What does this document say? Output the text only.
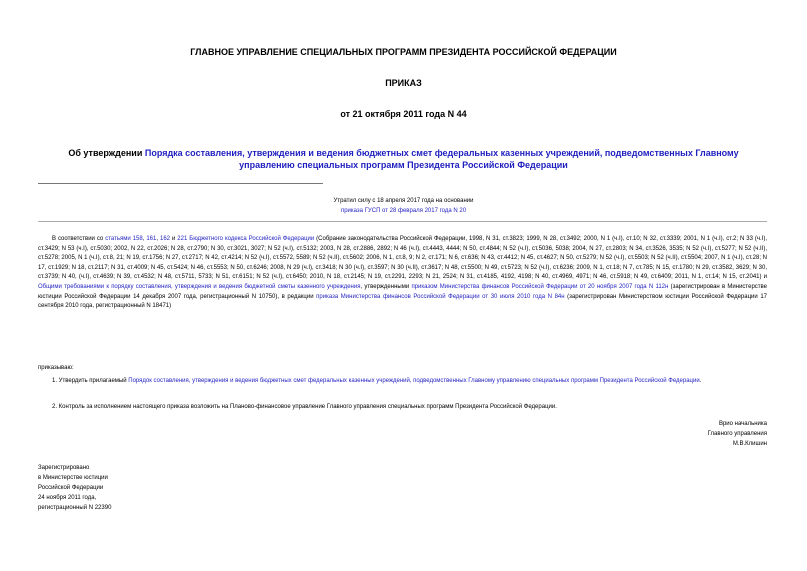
ГЛАВНОЕ УПРАВЛЕНИЕ СПЕЦИАЛЬНЫХ ПРОГРАММ ПРЕЗИДЕНТА РОССИЙСКОЙ ФЕДЕРАЦИИ
ПРИКАЗ
от 21 октября 2011 года N 44
Об утверждении Порядка составления, утверждения и ведения бюджетных смет федеральных казенных учреждений, подведомственных Главному управлению специальных программ Президента Российской Федерации
Утратил силу с 18 апреля 2017 года на основании
приказа ГУСП от 28 февраля 2017 года N 20
В соответствии со статьями 158, 161, 162 и 221 Бюджетного кодекса Российской Федерации (Собрание законодательства Российской Федерации, 1998, N 31, ст.3823; 1999, N 28, ст.3492; 2000, N 1 (ч.I), ст.10; N 32, ст.3339; 2001, N 1 (ч.I), ст.2; N 33 (ч.I), ст.3429; N 53 (ч.I), ст.5030; 2002, N 22, ст.2026; N 28, ст.2790; N 30, ст.3021, 3027; N 52 (ч.I), ст.5132; 2003, N 28, ст.2886, 2892; N 46 (ч.I), ст.4443, 4444; N 50, ст.4844; N 52 (ч.I), ст.5036, 5038; 2004, N 27, ст.2803; N 34, ст.3526, 3535; N 52 (ч.I), ст.5277; N 52 (ч.II), ст.5278; 2005, N 1 (ч.I), ст.8, 21; N 19, ст.1756; N 27, ст.2717; N 42, ст.4214; N 52 (ч.I), ст.5572, 5589; N 52 (ч.II), ст.5602; 2006, N 1, ст.8, 9; N 2, ст.171; N 6, ст.636; N 43, ст.4412; N 45, ст.4627; N 50, ст.5279; N 52 (ч.I), ст.5503; N 52 (ч.II), ст.5504; 2007, N 1 (ч.I), ст.28; N 17, ст.1929; N 18, ст.2117; N 31, ст.4009; N 45, ст.5424; N 46, ст.5553; N 50, ст.6246; 2008, N 29 (ч.I), ст.3418; N 30 (ч.I), ст.3597; N 30 (ч.II), ст.3617; N 48, ст.5500; N 49, ст.5723; N 52 (ч.I), ст.6236; 2009, N 1, ст.18; N 7, ст.785; N 15, ст.1780; N 29, ст.3582, 3629; N 30, ст.3739; N 40, (ч.I), ст.4639; N 39, ст.4532; N 48, ст.5711, 5733; N 51, ст.6151; N 52 (ч.I), ст.6450; 2010, N 18, ст.2145; N 19, ст.2291, 2293; N 21, 2524; N 31, ст.4185, 4192, 4198; N 40, ст.4969, 4971; N 46, ст.5918; N 49, ст.6409; 2011, N 1, ст.14; N 15, ст.2041) и Общими требованиями к порядку составления, утверждения и ведения бюджетной сметы казенного учреждения, утвержденными приказом Министерства финансов Российской Федерации от 20 ноября 2007 года N 112н (зарегистрирован в Министерстве юстиции Российской Федерации 14 декабря 2007 года, регистрационный N 10750), в редакции приказа Министерства финансов Российской Федерации от 30 июля 2010 года N 84н (зарегистрирован Министерством юстиции Российской Федерации 17 сентября 2010 года, регистрационный N 18471)
приказываю:
1. Утвердить прилагаемый Порядок составления, утверждения и ведения бюджетных смет федеральных казенных учреждений, подведомственных Главному управлению специальных программ Президента Российской Федерации.
2. Контроль за исполнением настоящего приказа возложить на Планово-финансовое управление Главного управления специальных программ Президента Российской Федерации.
Врио начальника
Главного управления
М.В.Клишин
Зарегистрировано
в Министерстве юстиции
Российской Федерации
24 ноября 2011 года,
регистрационный N 22390
